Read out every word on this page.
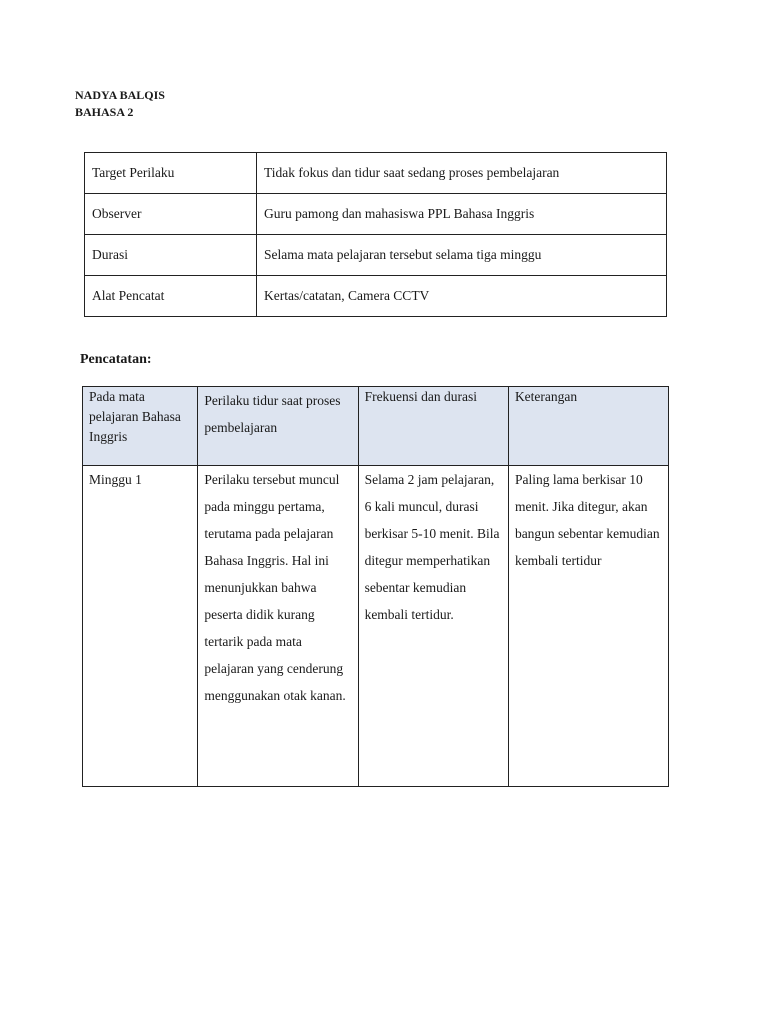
NADYA BALQIS
BAHASA 2
Target Perilaku	Tidak fokus dan tidur saat sedang proses pembelajaran
Observer	Guru pamong dan mahasiswa PPL Bahasa Inggris
Durasi	Selama mata pelajaran tersebut selama tiga minggu
Alat Pencatat	Kertas/catatan, Camera CCTV
Pencatatan:
Pada mata pelajaran Bahasa Inggris	Perilaku tidur saat proses pembelajaran	Frekuensi dan durasi	Keterangan
Minggu 1	Perilaku tersebut muncul pada minggu pertama, terutama pada pelajaran Bahasa Inggris. Hal ini menunjukkan bahwa peserta didik kurang tertarik pada mata pelajaran yang cenderung menggunakan otak kanan.	Selama 2 jam pelajaran, 6 kali muncul, durasi berkisar 5-10 menit. Bila ditegur memperhatikan sebentar kemudian kembali tertidur.	Paling lama berkisar 10 menit. Jika ditegur, akan bangun sebentar kemudian kembali tertidur
